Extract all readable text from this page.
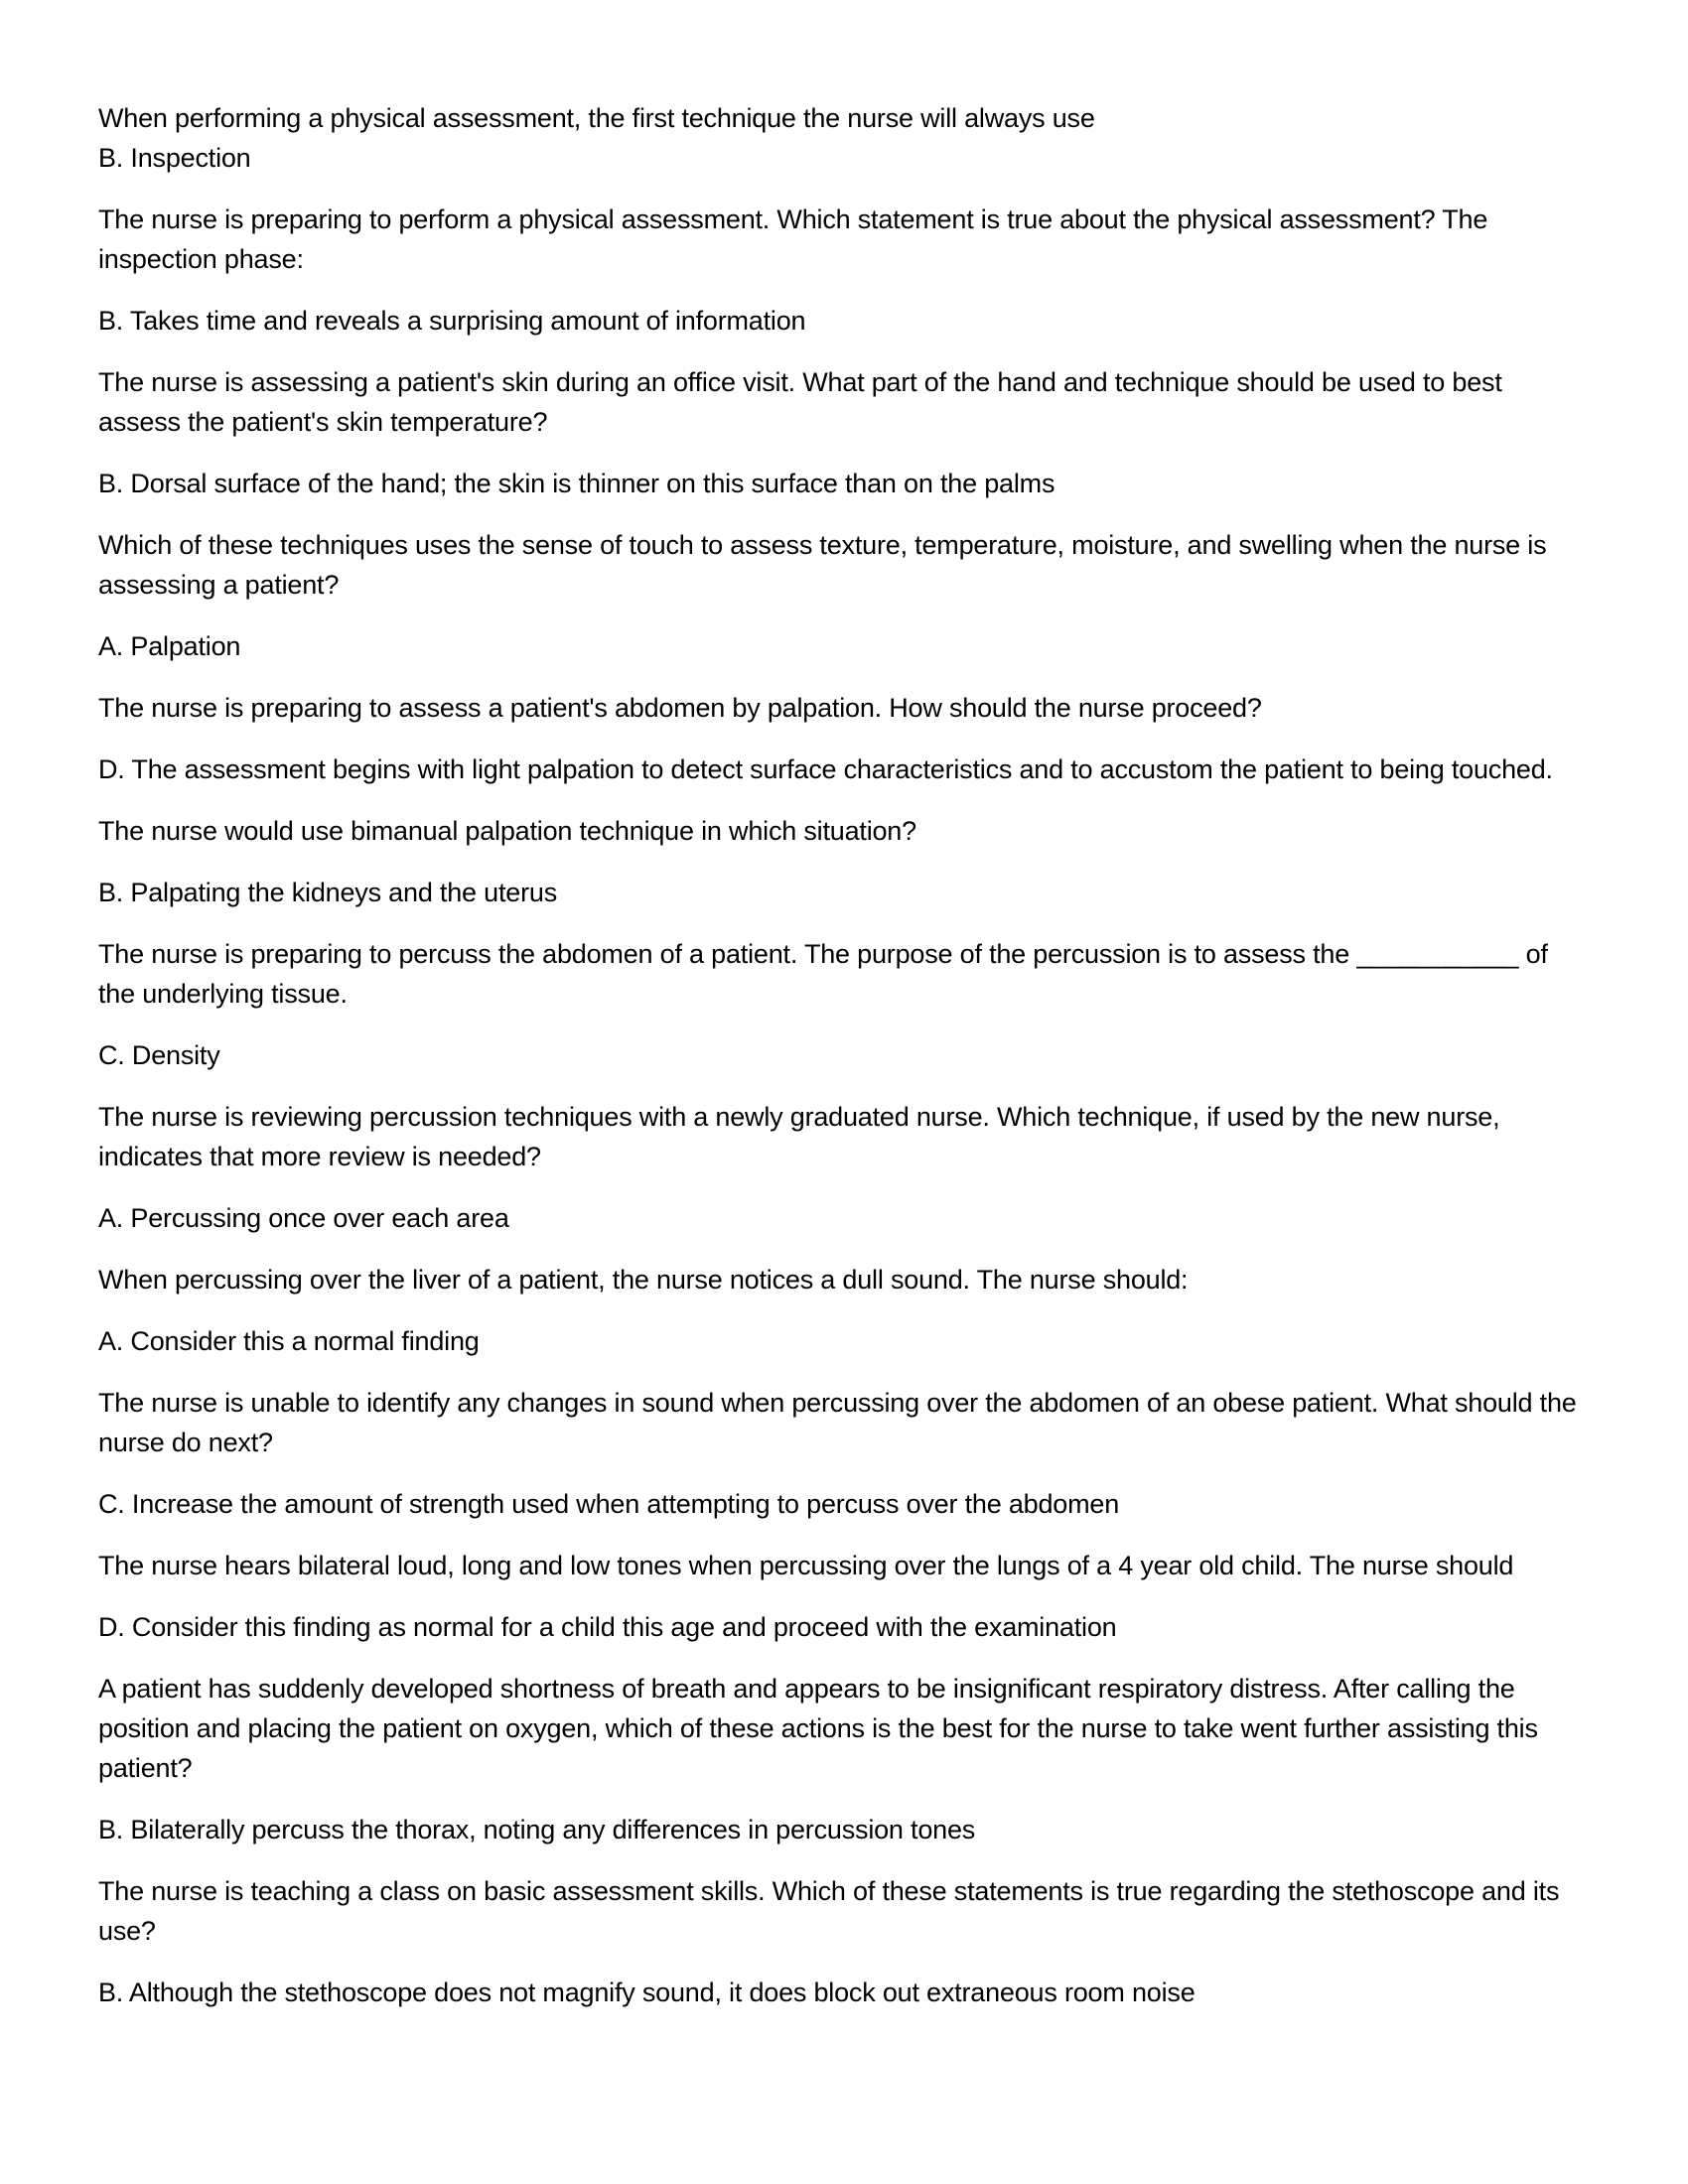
When performing a physical assessment, the first technique the nurse will always use

B. Inspection

The nurse is preparing to perform a physical assessment. Which statement is true about the physical assessment? The inspection phase:

B. Takes time and reveals a surprising amount of information

The nurse is assessing a patient's skin during an office visit. What part of the hand and technique should be used to best assess the patient's skin temperature?

B. Dorsal surface of the hand; the skin is thinner on this surface than on the palms

Which of these techniques uses the sense of touch to assess texture, temperature, moisture, and swelling when the nurse is assessing a patient?

A. Palpation

The nurse is preparing to assess a patient's abdomen by palpation. How should the nurse proceed?

D. The assessment begins with light palpation to detect surface characteristics and to accustom the patient to being touched.

The nurse would use bimanual palpation technique in which situation?

B. Palpating the kidneys and the uterus

The nurse is preparing to percuss the abdomen of a patient. The purpose of the percussion is to assess the ___________ of the underlying tissue.

C. Density

The nurse is reviewing percussion techniques with a newly graduated nurse. Which technique, if used by the new nurse, indicates that more review is needed?

A. Percussing once over each area

When percussing over the liver of a patient, the nurse notices a dull sound. The nurse should:

A. Consider this a normal finding

The nurse is unable to identify any changes in sound when percussing over the abdomen of an obese patient. What should the nurse do next?

C. Increase the amount of strength used when attempting to percuss over the abdomen

The nurse hears bilateral loud, long and low tones when percussing over the lungs of a 4 year old child. The nurse should

D. Consider this finding as normal for a child this age and proceed with the examination

A patient has suddenly developed shortness of breath and appears to be insignificant respiratory distress. After calling the position and placing the patient on oxygen, which of these actions is the best for the nurse to take went further assisting this patient?

B. Bilaterally percuss the thorax, noting any differences in percussion tones

The nurse is teaching a class on basic assessment skills. Which of these statements is true regarding the stethoscope and its use?

B. Although the stethoscope does not magnify sound, it does block out extraneous room noise
